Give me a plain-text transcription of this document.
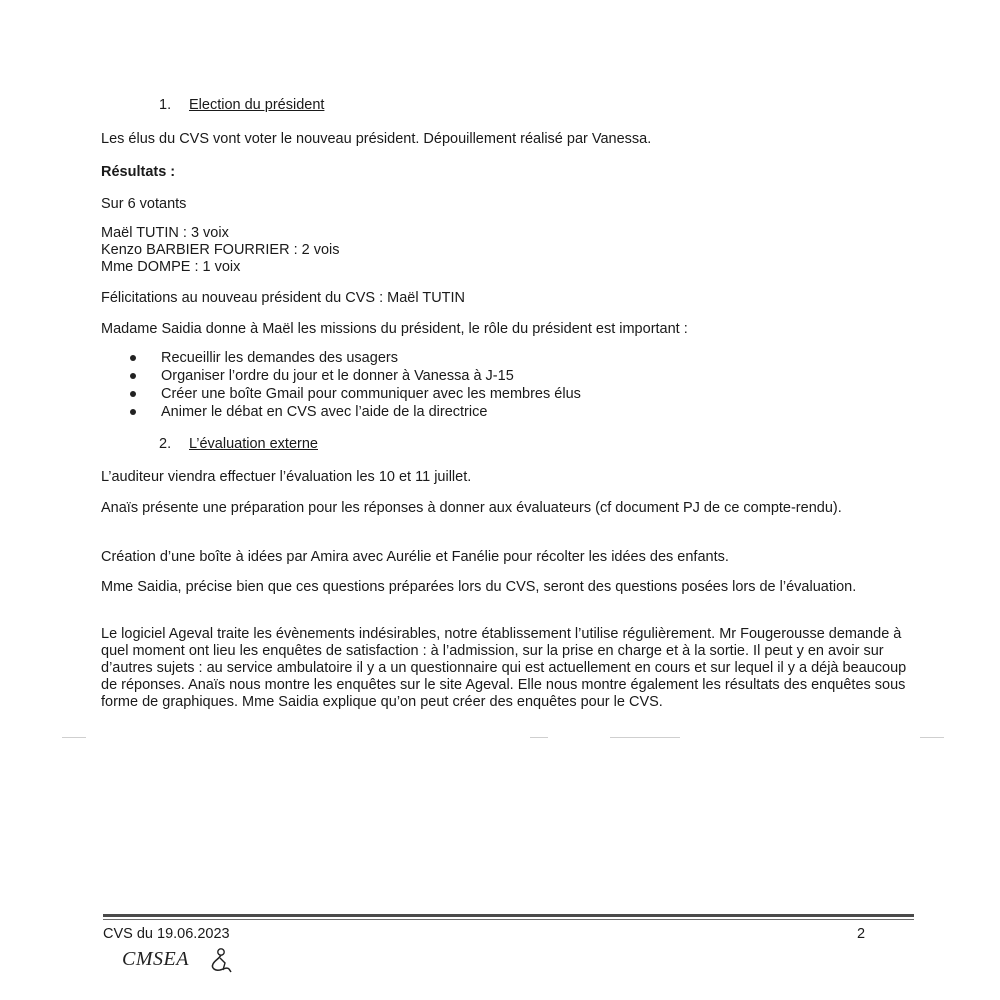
1. Election du président

Les élus du CVS vont voter le nouveau président. Dépouillement réalisé par Vanessa.

Résultats :

Sur 6 votants

Maël TUTIN : 3 voix

Kenzo BARBIER FOURRIER : 2 vois

Mme DOMPE : 1 voix

Félicitations au nouveau président du CVS : Maël TUTIN

Madame Saidia donne à Maël les missions du président, le rôle du président est important :

Recueillir les demandes des usagers
Organiser l’ordre du jour et le donner à Vanessa à J-15
Créer une boîte Gmail pour communiquer avec les membres élus
Animer le débat en CVS avec l’aide de la directrice

2. L’évaluation externe

L’auditeur viendra effectuer l’évaluation les 10 et 11 juillet.

Anaïs présente une préparation pour les réponses à donner aux évaluateurs (cf document PJ de ce compte-rendu).

Création d’une boîte à idées par Amira avec Aurélie et Fanélie pour récolter les idées des enfants.

Mme Saidia, précise bien que ces questions préparées lors du CVS, seront des questions posées lors de l’évaluation.

Le logiciel Ageval traite les évènements indésirables, notre établissement l’utilise régulièrement. Mr Fougerousse demande à quel moment ont lieu les enquêtes de satisfaction : à l’admission, sur la prise en charge et à la sortie. Il peut y en avoir sur d’autres sujets : au service ambulatoire il y a un questionnaire qui est actuellement en cours et sur lequel il y a déjà beaucoup de réponses. Anaïs nous montre les enquêtes sur le site Ageval. Elle nous montre également les résultats des enquêtes sous forme de graphiques. Mme Saidia explique qu’on peut créer des enquêtes pour le CVS.

CVS du 19.06.2023	2
CMSEA
